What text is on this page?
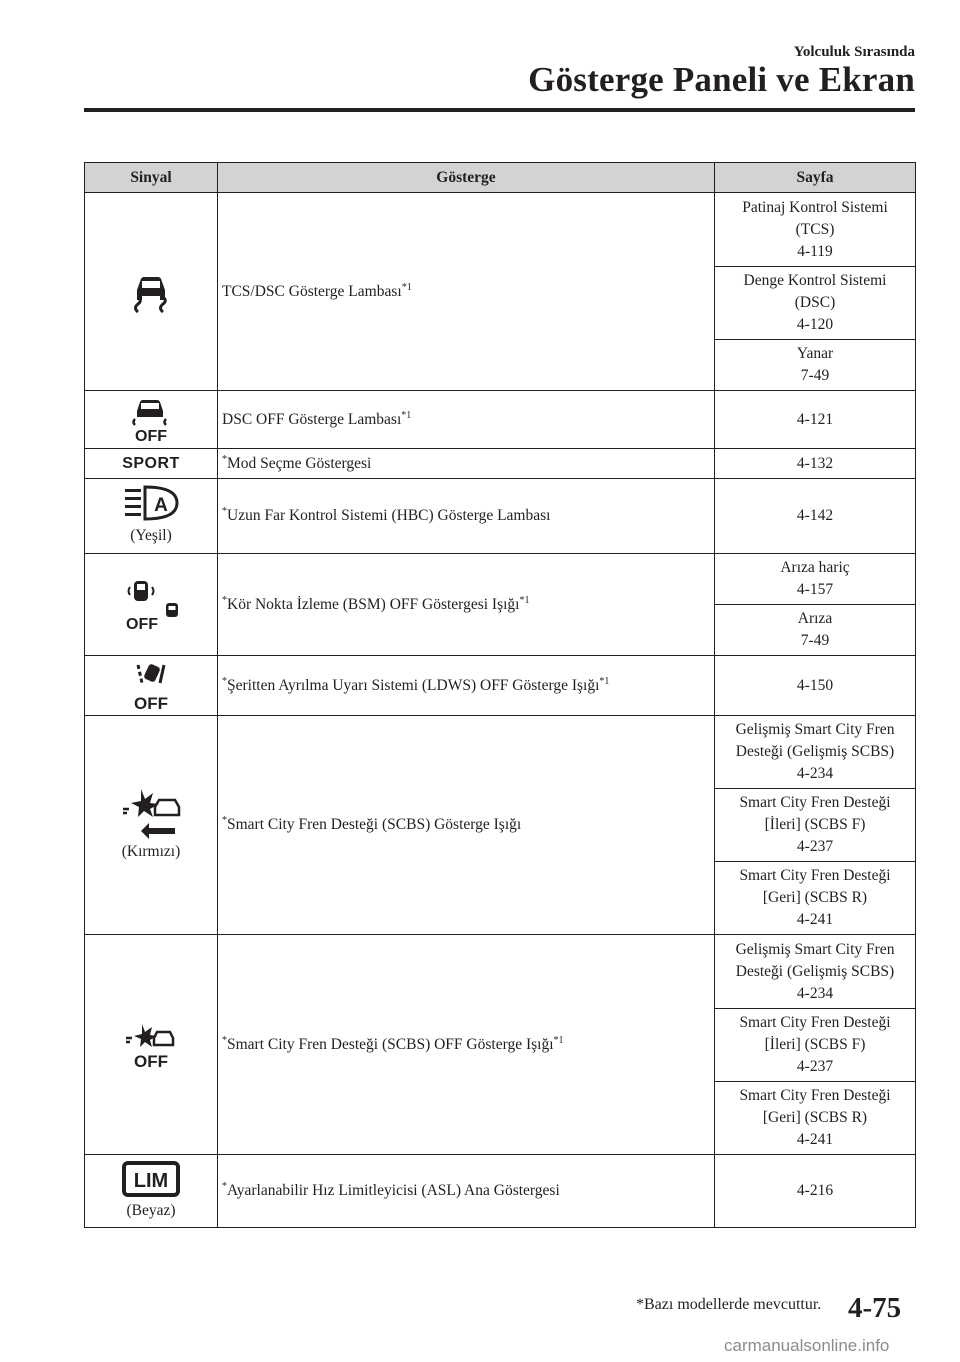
Yolculuk Sırasında
Gösterge Paneli ve Ekran
Sinyal	Gösterge	Sayfa

	TCS/DSC Gösterge Lambası$^{*1}$	Patinaj Kontrol Sistemi
(TCS)
4-119

		Denge Kontrol Sistemi
(DSC)
4-120

		Yanar
7-49

OFF	DSC OFF Gösterge Lambası$^{*1}$	4-121
SPORT	*Mod Seçme Göstergesi	4-132

A
(Yeşil)	*Uzun Far Kontrol Sistemi (HBC) Gösterge Lambası	4-142

OFF	*Kör Nokta İzleme (BSM) OFF Göstergesi Işığı$^{*1}$	Arıza hariç
4-157

		Arıza
7-49

OFF	*Şeritten Ayrılma Uyarı Sistemi (LDWS) OFF Gösterge Işığı$^{*1}$	4-150

(Kırmızı)	*Smart City Fren Desteği (SCBS) Gösterge Işığı	Gelişmiş Smart City Fren
Desteği (Gelişmiş SCBS)
4-234

		Smart City Fren Desteği
[İleri] (SCBS F)
4-237

		Smart City Fren Desteği
[Geri] (SCBS R)
4-241

OFF	*Smart City Fren Desteği (SCBS) OFF Gösterge Işığı$^{*1}$	Gelişmiş Smart City Fren
Desteği (Gelişmiş SCBS)
4-234

		Smart City Fren Desteği
[İleri] (SCBS F)
4-237

		Smart City Fren Desteği
[Geri] (SCBS R)
4-241

LIM
(Beyaz)	*Ayarlanabilir Hız Limitleyicisi (ASL) Ana Göstergesi	4-216
*Bazı modellerde mevcuttur. 4-75
carmanualsonline.info
